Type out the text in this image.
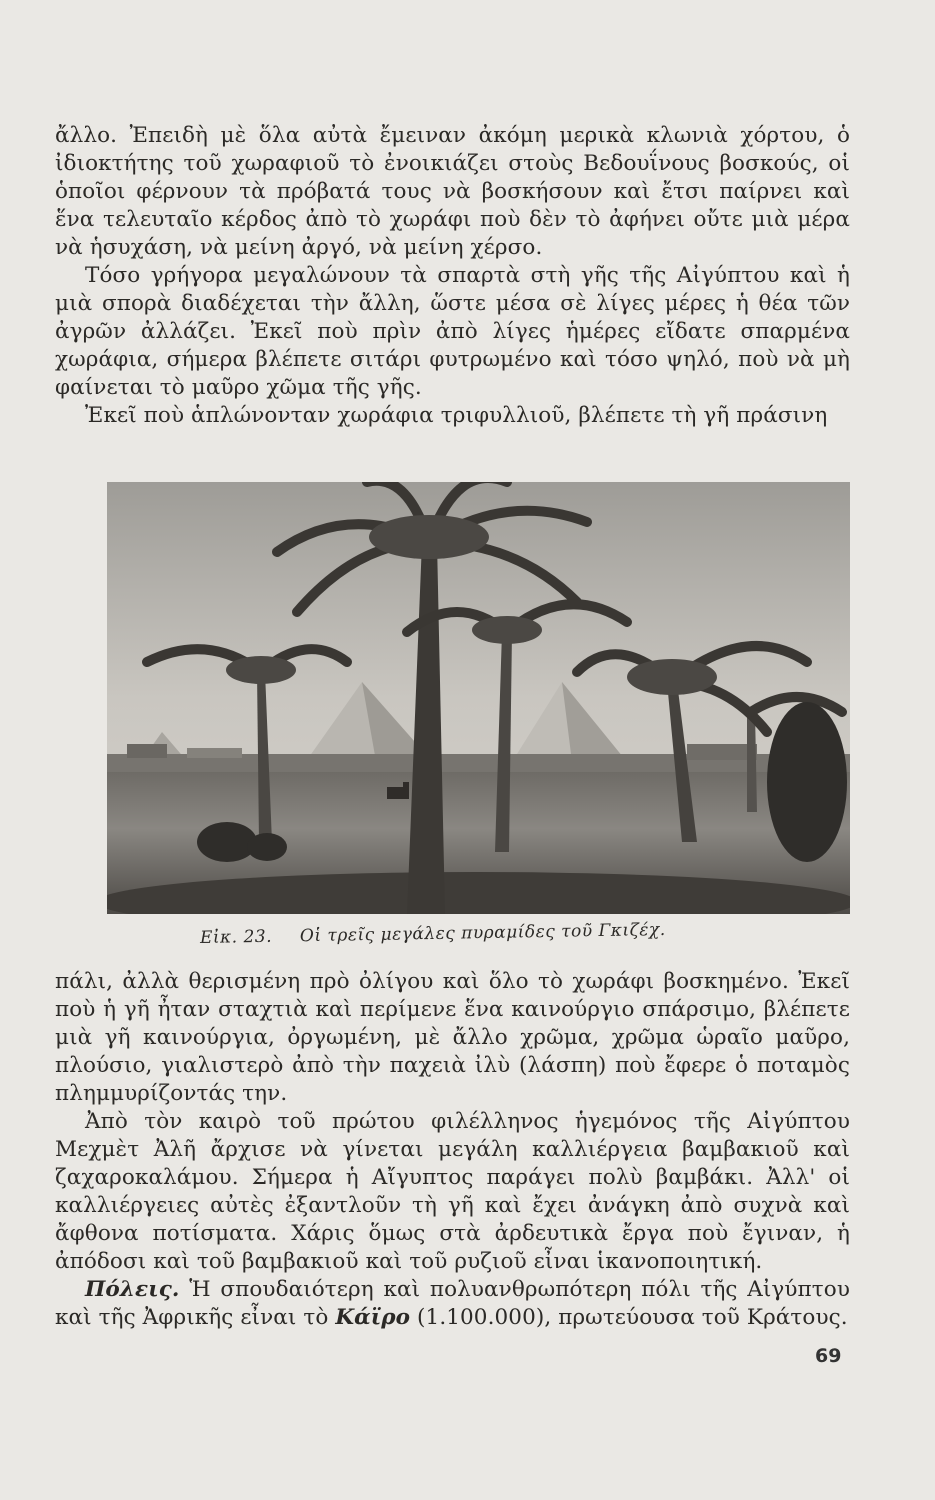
ἄλλο. Ἐπειδὴ μὲ ὅλα αὐτὰ ἔμειναν ἀκόμη μερικὰ κλωνιὰ χόρτου, ὁ ἰδιοκτήτης τοῦ χωραφιοῦ τὸ ἐνοικιάζει στοὺς Βεδουΐνους βοσκούς, οἱ ὁποῖοι φέρνουν τὰ πρόβατά τους νὰ βοσκήσουν καὶ ἔτσι παίρνει καὶ ἕνα τελευταῖο κέρδος ἀπὸ τὸ χωράφι ποὺ δὲν τὸ ἀφήνει οὔτε μιὰ μέρα νὰ ἡσυχάση, νὰ μείνη ἀργό, νὰ μείνη χέρσο.

Τόσο γρήγορα μεγαλώνουν τὰ σπαρτὰ στὴ γῆς τῆς Αἰγύπτου καὶ ἡ μιὰ σπορὰ διαδέχεται τὴν ἄλλη, ὥστε μέσα σὲ λίγες μέρες ἡ θέα τῶν ἀγρῶν ἀλλάζει. Ἐκεῖ ποὺ πρὶν ἀπὸ λίγες ἡμέρες εἴδατε σπαρμένα χωράφια, σήμερα βλέπετε σιτάρι φυτρωμένο καὶ τόσο ψηλό, ποὺ νὰ μὴ φαίνεται τὸ μαῦρο χῶμα τῆς γῆς.

Ἐκεῖ ποὺ ἁπλώνονταν χωράφια τριφυλλιοῦ, βλέπετε τὴ γῆ πράσινη

Εἰκ. 23. Οἱ τρεῖς μεγάλες πυραμίδες τοῦ Γκιζέχ.

πάλι, ἀλλὰ θερισμένη πρὸ ὀλίγου καὶ ὅλο τὸ χωράφι βοσκημένο. Ἐκεῖ ποὺ ἡ γῆ ἦταν σταχτιὰ καὶ περίμενε ἕνα καινούργιο σπάρσιμο, βλέπετε μιὰ γῆ καινούργια, ὀργωμένη, μὲ ἄλλο χρῶμα, χρῶμα ὡραῖο μαῦρο, πλούσιο, γιαλιστερὸ ἀπὸ τὴν παχειὰ ἰλὺ (λάσπη) ποὺ ἔφερε ὁ ποταμὸς πλημμυρίζοντάς την.

Ἀπὸ τὸν καιρὸ τοῦ πρώτου φιλέλληνος ἡγεμόνος τῆς Αἰγύπτου Μεχμὲτ Ἀλῆ ἄρχισε νὰ γίνεται μεγάλη καλλιέργεια βαμβακιοῦ καὶ ζαχαροκαλάμου. Σήμερα ἡ Αἴγυπτος παράγει πολὺ βαμβάκι. Ἀλλ' οἱ καλλιέργειες αὐτὲς ἐξαντλοῦν τὴ γῆ καὶ ἔχει ἀνάγκη ἀπὸ συχνὰ καὶ ἄφθονα ποτίσματα. Χάρις ὅμως στὰ ἀρδευτικὰ ἔργα ποὺ ἔγιναν, ἡ ἀπόδοσι καὶ τοῦ βαμβακιοῦ καὶ τοῦ ρυζιοῦ εἶναι ἱκανοποιητική.

Πόλεις. Ἡ σπουδαιότερη καὶ πολυανθρωπότερη πόλι τῆς Αἰγύπτου καὶ τῆς Ἀφρικῆς εἶναι τὸ Κάϊρο (1.100.000), πρωτεύουσα τοῦ Κράτους.

69
